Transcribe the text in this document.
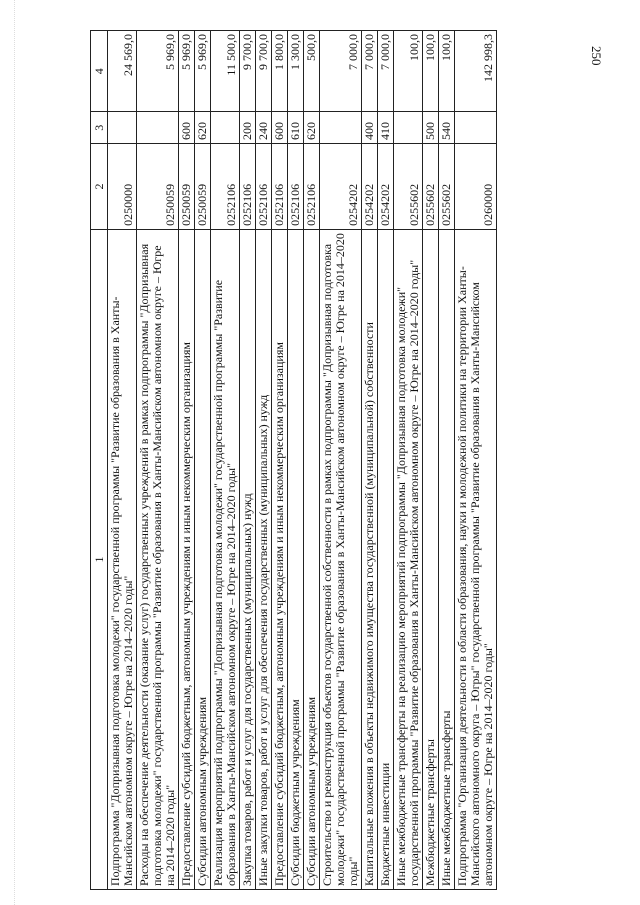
250
1	2	3	4
Подпрограмма "Допризывная подготовка молодежи" государственной программы "Развитие образования в Ханты-Мансийском автономном округе – Югре на 2014–2020 годы"	0250000		24 569,0
Расходы на обеспечение деятельности (оказание услуг) государственных учреждений в рамках подпрограммы "Допризывная подготовка молодежи" государственной программы "Развитие образования в Ханты-Мансийском автономном округе – Югре на 2014–2020 годы"	0250059		5 969,0
Предоставление субсидий бюджетным, автономным учреждениям и иным некоммерческим организациям	0250059	600	5 969,0
Субсидии автономным учреждениям	0250059	620	5 969,0
Реализация мероприятий подпрограммы "Допризывная подготовка молодежи" государственной программы "Развитие образования в Ханты-Мансийском автономном округе – Югре на 2014–2020 годы"	0252106		11 500,0
Закупка товаров, работ и услуг для государственных (муниципальных) нужд	0252106	200	9 700,0
Иные закупки товаров, работ и услуг для обеспечения государственных (муниципальных) нужд	0252106	240	9 700,0
Предоставление субсидий бюджетным, автономным учреждениям и иным некоммерческим организациям	0252106	600	1 800,0
Субсидии бюджетным учреждениям	0252106	610	1 300,0
Субсидии автономным учреждениям	0252106	620	500,0
Строительство и реконструкция объектов государственной собственности в рамках подпрограммы "Допризывная подготовка молодежи" государственной программы "Развитие образования в Ханты-Мансийском автономном округе – Югре на 2014–2020 годы"	0254202		7 000,0
Капитальные вложения в объекты недвижимого имущества государственной (муниципальной) собственности	0254202	400	7 000,0
Бюджетные инвестиции	0254202	410	7 000,0
Иные межбюджетные трансферты на реализацию мероприятий подпрограммы "Допризывная подготовка молодежи" государственной программы "Развитие образования в Ханты-Мансийском автономном округе – Югре на 2014–2020 годы"	0255602		100,0
Межбюджетные трансферты	0255602	500	100,0
Иные межбюджетные трансферты	0255602	540	100,0
Подпрограмма "Организация деятельности в области образования, науки и молодежной политики на территории Ханты-Мансийского автономного округа – Югры" государственной программы "Развитие образования в Ханты-Мансийском автономном округе – Югре на 2014–2020 годы"	0260000		142 998,3
